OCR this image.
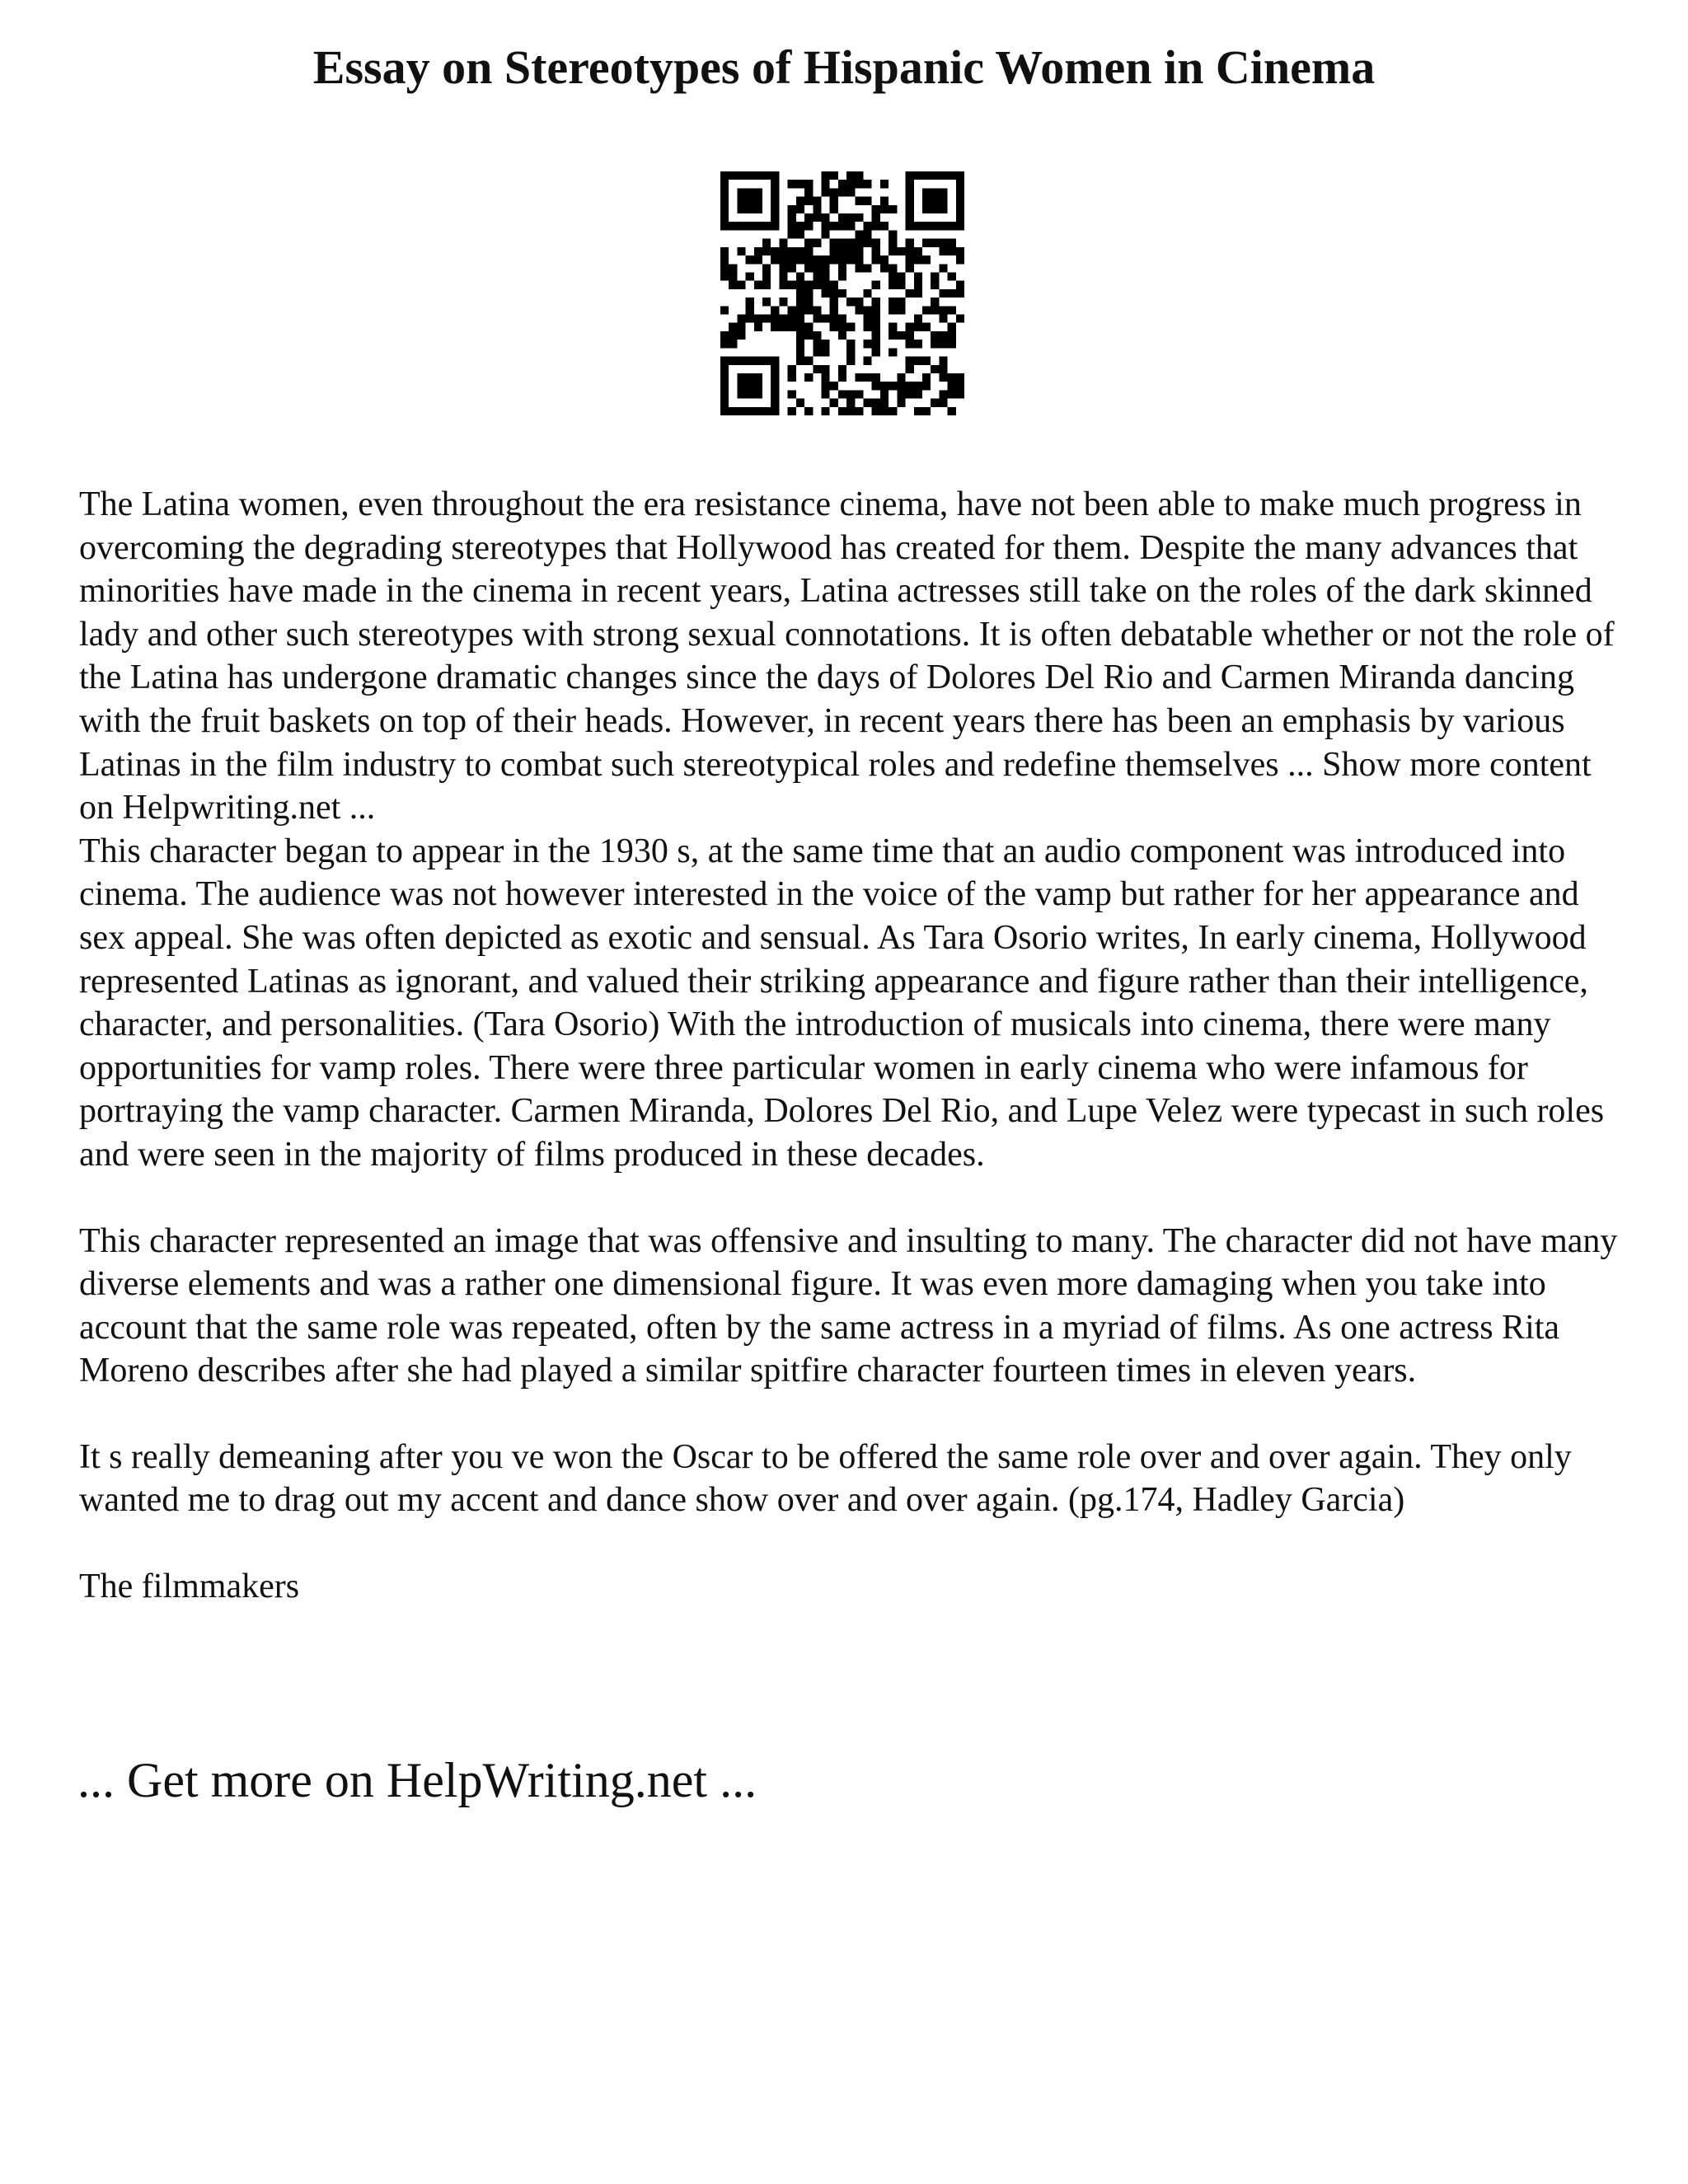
Essay on Stereotypes of Hispanic Women in Cinema

The Latina women, even throughout the era resistance cinema, have not been able to make much progress in overcoming the degrading stereotypes that Hollywood has created for them. Despite the many advances that minorities have made in the cinema in recent years, Latina actresses still take on the roles of the dark skinned lady and other such stereotypes with strong sexual connotations. It is often debatable whether or not the role of the Latina has undergone dramatic changes since the days of Dolores Del Rio and Carmen Miranda dancing with the fruit baskets on top of their heads. However, in recent years there has been an emphasis by various Latinas in the film industry to combat such stereotypical roles and redefine themselves ... Show more content on Helpwriting.net ...

This character began to appear in the 1930 s, at the same time that an audio component was introduced into cinema. The audience was not however interested in the voice of the vamp but rather for her appearance and sex appeal. She was often depicted as exotic and sensual. As Tara Osorio writes, In early cinema, Hollywood represented Latinas as ignorant, and valued their striking appearance and figure rather than their intelligence, character, and personalities. (Tara Osorio) With the introduction of musicals into cinema, there were many opportunities for vamp roles. There were three particular women in early cinema who were infamous for portraying the vamp character. Carmen Miranda, Dolores Del Rio, and Lupe Velez were typecast in such roles and were seen in the majority of films produced in these decades.

This character represented an image that was offensive and insulting to many. The character did not have many diverse elements and was a rather one dimensional figure. It was even more damaging when you take into account that the same role was repeated, often by the same actress in a myriad of films. As one actress Rita Moreno describes after she had played a similar spitfire character fourteen times in eleven years.

It s really demeaning after you ve won the Oscar to be offered the same role over and over again. They only wanted me to drag out my accent and dance show over and over again. (pg.174, Hadley Garcia)

The filmmakers

... Get more on HelpWriting.net ...
